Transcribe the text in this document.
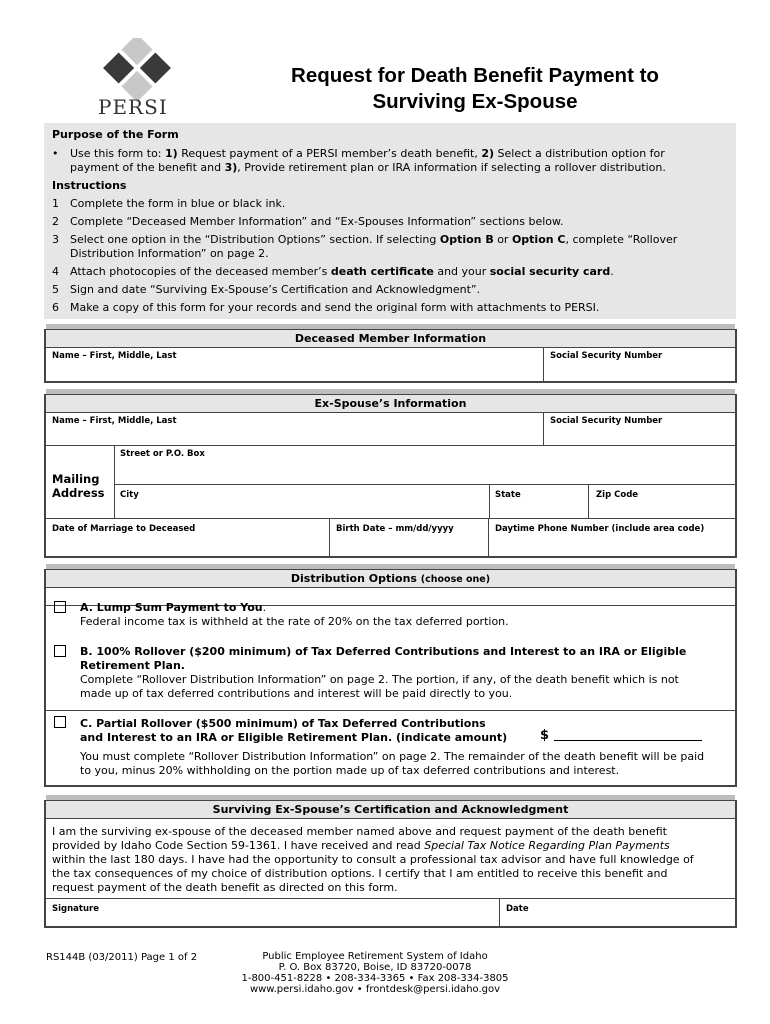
PERSI
Request for Death Benefit Payment to
Surviving Ex-Spouse
Purpose of the Form
• Use this form to: 1) Request payment of a PERSI member’s death benefit, 2) Select a distribution option for
payment of the benefit and 3), Provide retirement plan or IRA information if selecting a rollover distribution.
Instructions
1 Complete the form in blue or black ink.
2 Complete “Deceased Member Information” and “Ex-Spouses Information” sections below.
3 Select one option in the “Distribution Options” section. If selecting Option B or Option C, complete “Rollover
Distribution Information” on page 2.
4 Attach photocopies of the deceased member’s death certificate and your social security card.
5 Sign and date “Surviving Ex-Spouse’s Certification and Acknowledgment”.
6 Make a copy of this form for your records and send the original form with attachments to PERSI.
Deceased Member Information
Name – First, Middle, Last	Social Security Number
Ex-Spouse’s Information
Name – First, Middle, Last	Social Security Number
Mailing
Address
Street or P.O. Box
City	State	Zip Code
Date of Marriage to Deceased	Birth Date – mm/dd/yyyy	Daytime Phone Number (include area code)
Distribution Options (choose one)
A. Lump Sum Payment to You.
Federal income tax is withheld at the rate of 20% on the tax deferred portion.
B. 100% Rollover ($200 minimum) of Tax Deferred Contributions and Interest to an IRA or Eligible
Retirement Plan.
Complete “Rollover Distribution Information” on page 2. The portion, if any, of the death benefit which is not
made up of tax deferred contributions and interest will be paid directly to you.
C. Partial Rollover ($500 minimum) of Tax Deferred Contributions
and Interest to an IRA or Eligible Retirement Plan. (indicate amount)	$
You must complete “Rollover Distribution Information” on page 2. The remainder of the death benefit will be paid
to you, minus 20% withholding on the portion made up of tax deferred contributions and interest.
Surviving Ex-Spouse’s Certification and Acknowledgment
I am the surviving ex-spouse of the deceased member named above and request payment of the death benefit
provided by Idaho Code Section 59-1361. I have received and read Special Tax Notice Regarding Plan Payments
within the last 180 days. I have had the opportunity to consult a professional tax advisor and have full knowledge of
the tax consequences of my choice of distribution options. I certify that I am entitled to receive this benefit and
request payment of the death benefit as directed on this form.
Signature	Date
RS144B (03/2011) Page 1 of 2	Public Employee Retirement System of Idaho
P. O. Box 83720, Boise, ID 83720-0078
1-800-451-8228 • 208-334-3365 • Fax 208-334-3805
www.persi.idaho.gov • frontdesk@persi.idaho.gov
